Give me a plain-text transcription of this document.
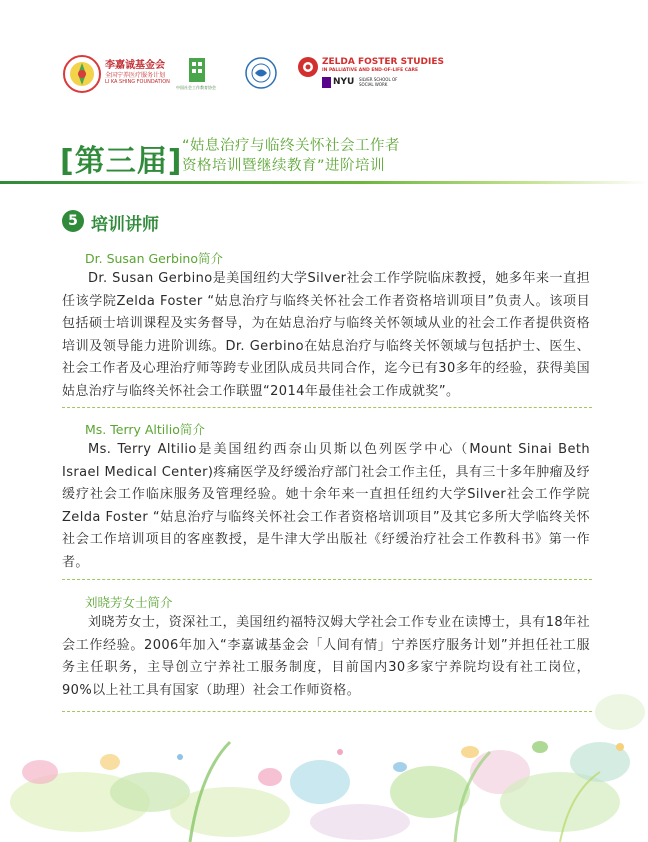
李嘉诚基金会
全国宁养医疗服务计划
LI KA SHING FOUNDATION
中国社会工作教育协会
ZELDA FOSTER STUDIES
IN PALLIATIVE AND END-OF-LIFE CARE
NYU SILVER SCHOOL OF SOCIAL WORK
[第三届] “姑息治疗与临终关怀社会工作者
资格培训暨继续教育”进阶培训
5 培训讲师
Dr. Susan Gerbino简介
Dr. Susan Gerbino是美国纽约大学Silver社会工作学院临床教授，她多年来一直担任该学院Zelda Foster “姑息治疗与临终关怀社会工作者资格培训项目”负责人。该项目包括硕士培训课程及实务督导，为在姑息治疗与临终关怀领域从业的社会工作者提供资格培训及领导能力进阶训练。Dr. Gerbino在姑息治疗与临终关怀领域与包括护士、医生、社会工作者及心理治疗师等跨专业团队成员共同合作，迄今已有30多年的经验，获得美国姑息治疗与临终关怀社会工作联盟“2014年最佳社会工作成就奖”。
Ms. Terry Altilio简介
Ms. Terry Altilio是美国纽约西奈山贝斯以色列医学中心（Mount Sinai Beth Israel Medical Center)疼痛医学及纾缓治疗部门社会工作主任，具有三十多年肿瘤及纾缓疗社会工作临床服务及管理经验。她十余年来一直担任纽约大学Silver社会工作学院Zelda Foster “姑息治疗与临终关怀社会工作者资格培训项目”及其它多所大学临终关怀社会工作培训项目的客座教授，是牛津大学出版社《纾缓治疗社会工作教科书》第一作者。
刘晓芳女士简介
刘晓芳女士，资深社工，美国纽约福特汉姆大学社会工作专业在读博士，具有18年社会工作经验。2006年加入“李嘉诚基金会「人间有情」宁养医疗服务计划”并担任社工服务主任职务，主导创立宁养社工服务制度，目前国内30多家宁养院均设有社工岗位，90%以上社工具有国家（助理）社会工作师资格。
